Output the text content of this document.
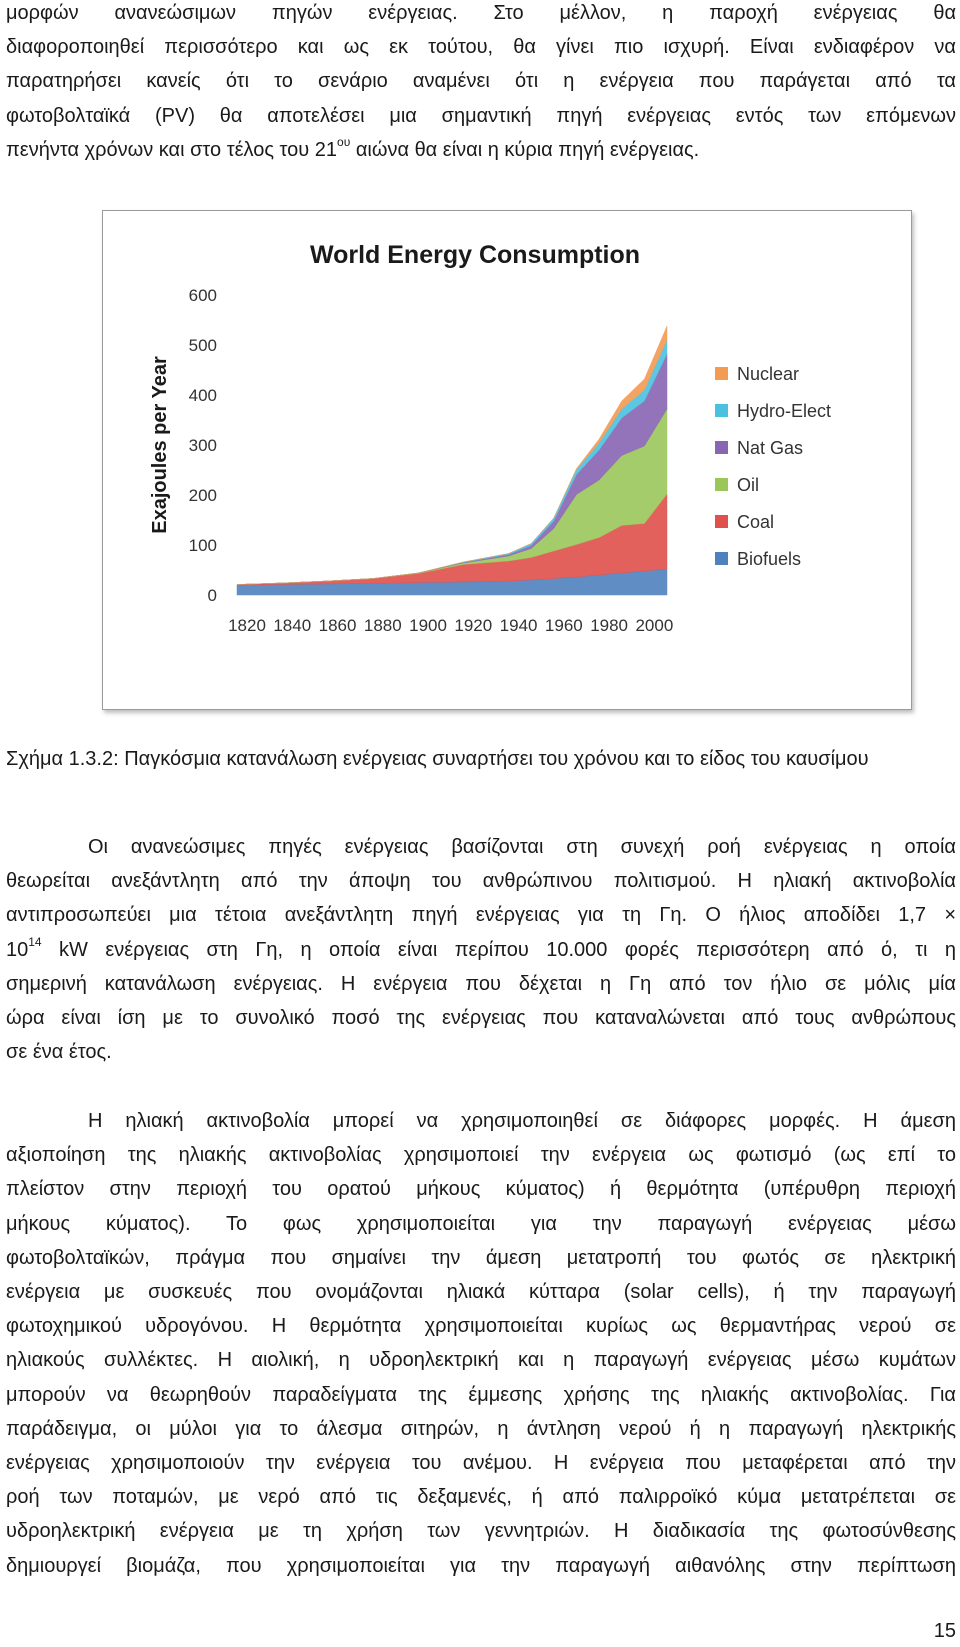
μορφών ανανεώσιμων πηγών ενέργειας. Στο μέλλον, η παροχή ενέργειας θα
διαφοροποιηθεί περισσότερο και ως εκ τούτου, θα γίνει πιο ισχυρή. Είναι ενδιαφέρον να
παρατηρήσει κανείς ότι το σενάριο αναμένει ότι η ενέργεια που παράγεται από τα
φωτοβολταϊκά (PV) θα αποτελέσει μια σημαντική πηγή ενέργειας εντός των επόμενων
πενήντα χρόνων και στο τέλος του $21^{o\upsilon}$ αιώνα θα είναι η κύρια πηγή ενέργειας.
World Energy Consumption
Exajoules per Year
0
100
200
300
400
500
600
1820 1840 1860 1880 1900 1920 1940 1960 1980 2000
Nuclear
Hydro-Elect
Nat Gas
Oil
Coal
Biofuels
Σχήμα 1.3.2: Παγκόσμια κατανάλωση ενέργειας συναρτήσει του χρόνου και το είδος του καυσίμου
Οι ανανεώσιμες πηγές ενέργειας βασίζονται στη συνεχή ροή ενέργειας η οποία
θεωρείται ανεξάντλητη από την άποψη του ανθρώπινου πολιτισμού. Η ηλιακή ακτινοβολία
αντιπροσωπεύει μια τέτοια ανεξάντλητη πηγή ενέργειας για τη Γη. Ο ήλιος αποδίδει 1,7 ×
$10^{14}$ kW ενέργειας στη Γη, η οποία είναι περίπου 10.000 φορές περισσότερη από ό, τι η
σημερινή κατανάλωση ενέργειας. Η ενέργεια που δέχεται η Γη από τον ήλιο σε μόλις μία
ώρα είναι ίση με το συνολικό ποσό της ενέργειας που καταναλώνεται από τους ανθρώπους
σε ένα έτος.
Η ηλιακή ακτινοβολία μπορεί να χρησιμοποιηθεί σε διάφορες μορφές. Η άμεση
αξιοποίηση της ηλιακής ακτινοβολίας χρησιμοποιεί την ενέργεια ως φωτισμό (ως επί το
πλείστον στην περιοχή του ορατού μήκους κύματος) ή θερμότητα (υπέρυθρη περιοχή
μήκους κύματος). Το φως χρησιμοποιείται για την παραγωγή ενέργειας μέσω
φωτοβολταϊκών, πράγμα που σημαίνει την άμεση μετατροπή του φωτός σε ηλεκτρική
ενέργεια με συσκευές που ονομάζονται ηλιακά κύτταρα (solar cells), ή την παραγωγή
φωτοχημικού υδρογόνου. Η θερμότητα χρησιμοποιείται κυρίως ως θερμαντήρας νερού σε
ηλιακούς συλλέκτες. Η αιολική, η υδροηλεκτρική και η παραγωγή ενέργειας μέσω κυμάτων
μπορούν να θεωρηθούν παραδείγματα της έμμεσης χρήσης της ηλιακής ακτινοβολίας. Για
παράδειγμα, οι μύλοι για το άλεσμα σιτηρών, η άντληση νερού ή η παραγωγή ηλεκτρικής
ενέργειας χρησιμοποιούν την ενέργεια του ανέμου. Η ενέργεια που μεταφέρεται από την
ροή των ποταμών, με νερό από τις δεξαμενές, ή από παλιρροϊκό κύμα μετατρέπεται σε
υδροηλεκτρική ενέργεια με τη χρήση των γεννητριών. Η διαδικασία της φωτοσύνθεσης
δημιουργεί βιομάζα, που χρησιμοποιείται για την παραγωγή αιθανόλης στην περίπτωση
15
